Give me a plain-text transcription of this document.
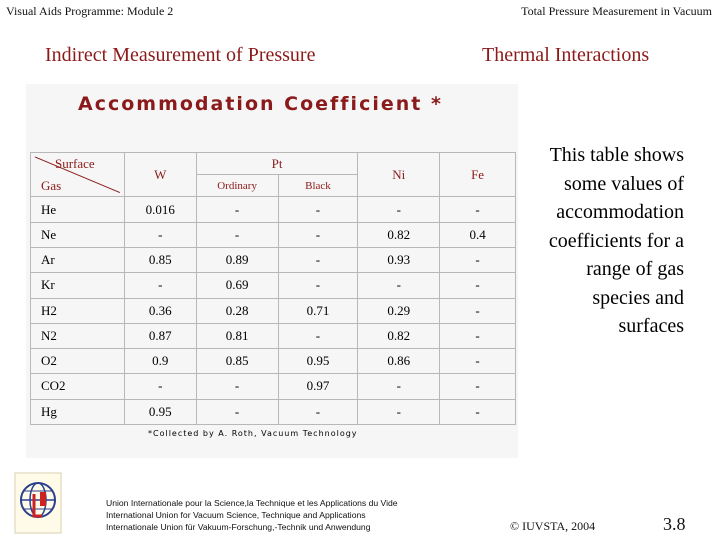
Visual Aids Programme: Module 2	Total Pressure Measurement in Vacuum
Indirect Measurement of Pressure	Thermal Interactions
Accommodation Coefficient *
Surface
Gas	W	Pt		Ni	Fe
		Ordinary	Black		
He	0.016	-	-	-	-
Ne	-	-	-	0.82	0.4
Ar	0.85	0.89	-	0.93	-
Kr	-	0.69	-	-	-
H2	0.36	0.28	0.71	0.29	-
N2	0.87	0.81	-	0.82	-
O2	0.9	0.85	0.95	0.86	-
CO2	-	-	0.97	-	-
Hg	0.95	-	-	-	-
*Collected by A. Roth, Vacuum Technology
This table shows
some values of
accommodation
coefficients for a
range of gas
species and
surfaces
Union Internationale pour la Science,la Technique et les Applications du Vide
International Union for Vacuum Science, Technique and Applications
Internationale Union für Vakuum-Forschung,-Technik und Anwendung	© IUVSTA, 2004	3.8
